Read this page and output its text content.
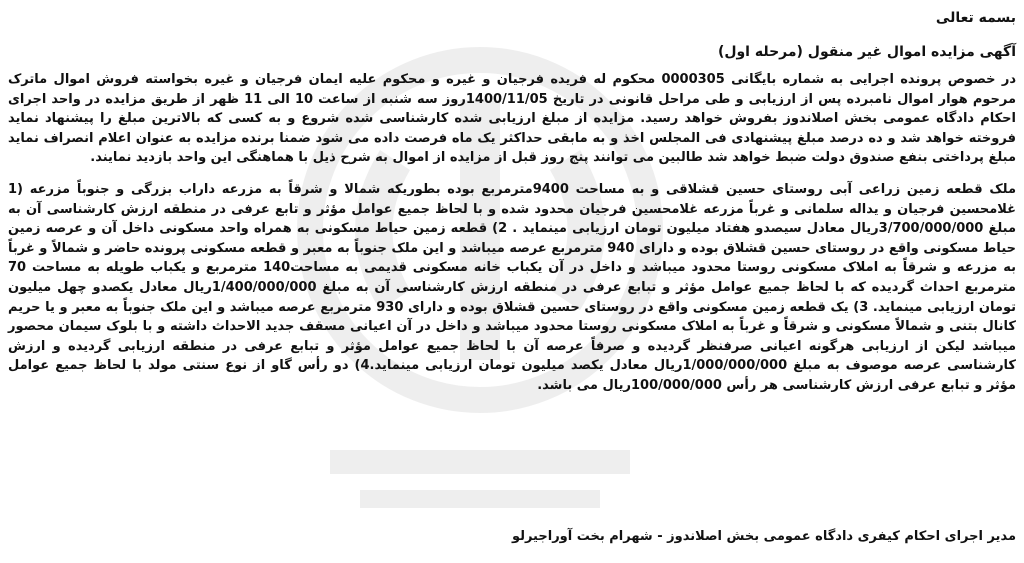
بسمه تعالی

آگهی مزایده اموال غیر منقول (مرحله اول)

در خصوص پرونده اجرایی به شماره بایگانی 0000305 محکوم له فریده فرجیان و غیره و محکوم علیه ایمان فرجیان و غیره بخواسته فروش اموال ماترک مرحوم هوار اموال نامبرده پس از ارزیابی و طی مراحل قانونی در تاریخ 1400/11/05روز سه شنبه از ساعت 10 الی 11 ظهر از طریق مزایده در واحد اجرای احکام دادگاه عمومی بخش اصلاندوز بفروش خواهد رسید. مزایده از مبلغ ارزیابی شده کارشناسی شده شروع و به کسی که بالاترین مبلغ را پیشنهاد نماید فروخته خواهد شد و ده درصد مبلغ پیشنهادی فی المجلس اخذ و به مابقی حداکثر یک ماه فرصت داده می شود ضمنا برنده مزایده به عنوان اعلام انصراف نماید مبلغ پرداختی بنفع صندوق دولت ضبط خواهد شد طالبین می توانند پنج روز قبل از مزایده از اموال به شرح ذیل با هماهنگی این واحد بازدید نمایند.

ملک قطعه زمین زراعی آبی روستای حسین قشلاقی و به مساحت 9400مترمربع بوده بطوریکه شمالا و شرقاً به مزرعه داراب بزرگی و جنوباً مزرعه (1 غلامحسین فرجیان و یداله سلمانی و غرباً مزرعه غلامحسین فرجیان محدود شده و با لحاظ جمیع عوامل مؤثر و تابع عرفی در منطقه ارزش کارشناسی آن به مبلغ 3/700/000/000ریال معادل سیصدو هفتاد میلیون تومان ارزیابی مینماید . 2) قطعه زمین حیاط مسکونی به همراه واحد مسکونی داخل آن و عرصه زمین حیاط مسکونی واقع در روستای حسین قشلاق بوده و دارای 940 مترمربع عرصه میباشد و این ملک جنوباً به معبر و قطعه مسکونی پرونده حاضر و شمالاً و غرباً به مزرعه و شرقاً به املاک مسکونی روستا محدود میباشد و داخل در آن یکباب خانه مسکونی قدیمی به مساحت140 مترمربع و یکباب طویله به مساحت 70 مترمربع احداث گردیده که با لحاظ جمیع عوامل مؤثر و تبابع عرفی در منطقه ارزش کارشناسی آن به مبلغ 1/400/000/000ریال معادل یکصدو چهل میلیون تومان ارزیابی مینماید. 3) یک قطعه زمین مسکونی واقع در روستای حسین قشلاق بوده و دارای 930 مترمربع عرصه میباشد و این ملک جنوباً به معبر و یا حریم کانال بتنی و شمالاً مسکونی و شرقاً و غرباً به املاک مسکونی روستا محدود میباشد و داخل در آن اعیانی مسقف جدید الاحداث داشته و با بلوک سیمان محصور میباشد لیکن از ارزیابی هرگونه اعیانی صرفنظر گردیده و صرفاً عرصه آن با لحاظ جمیع عوامل مؤثر و تبابع عرفی در منطقه ارزیابی گردیده و ارزش کارشناسی عرصه موصوف به مبلغ 1/000/000/000ریال معادل یکصد میلیون تومان ارزیابی مینماید.4) دو رأس گاو از نوع سنتی مولد با لحاظ جمیع عوامل مؤثر و تبابع عرفی ارزش کارشناسی هر رأس 100/000/000ریال می باشد.

مدیر اجرای احکام کیفری دادگاه عمومی بخش اصلاندوز - شهرام بخت آوراجیرلو
